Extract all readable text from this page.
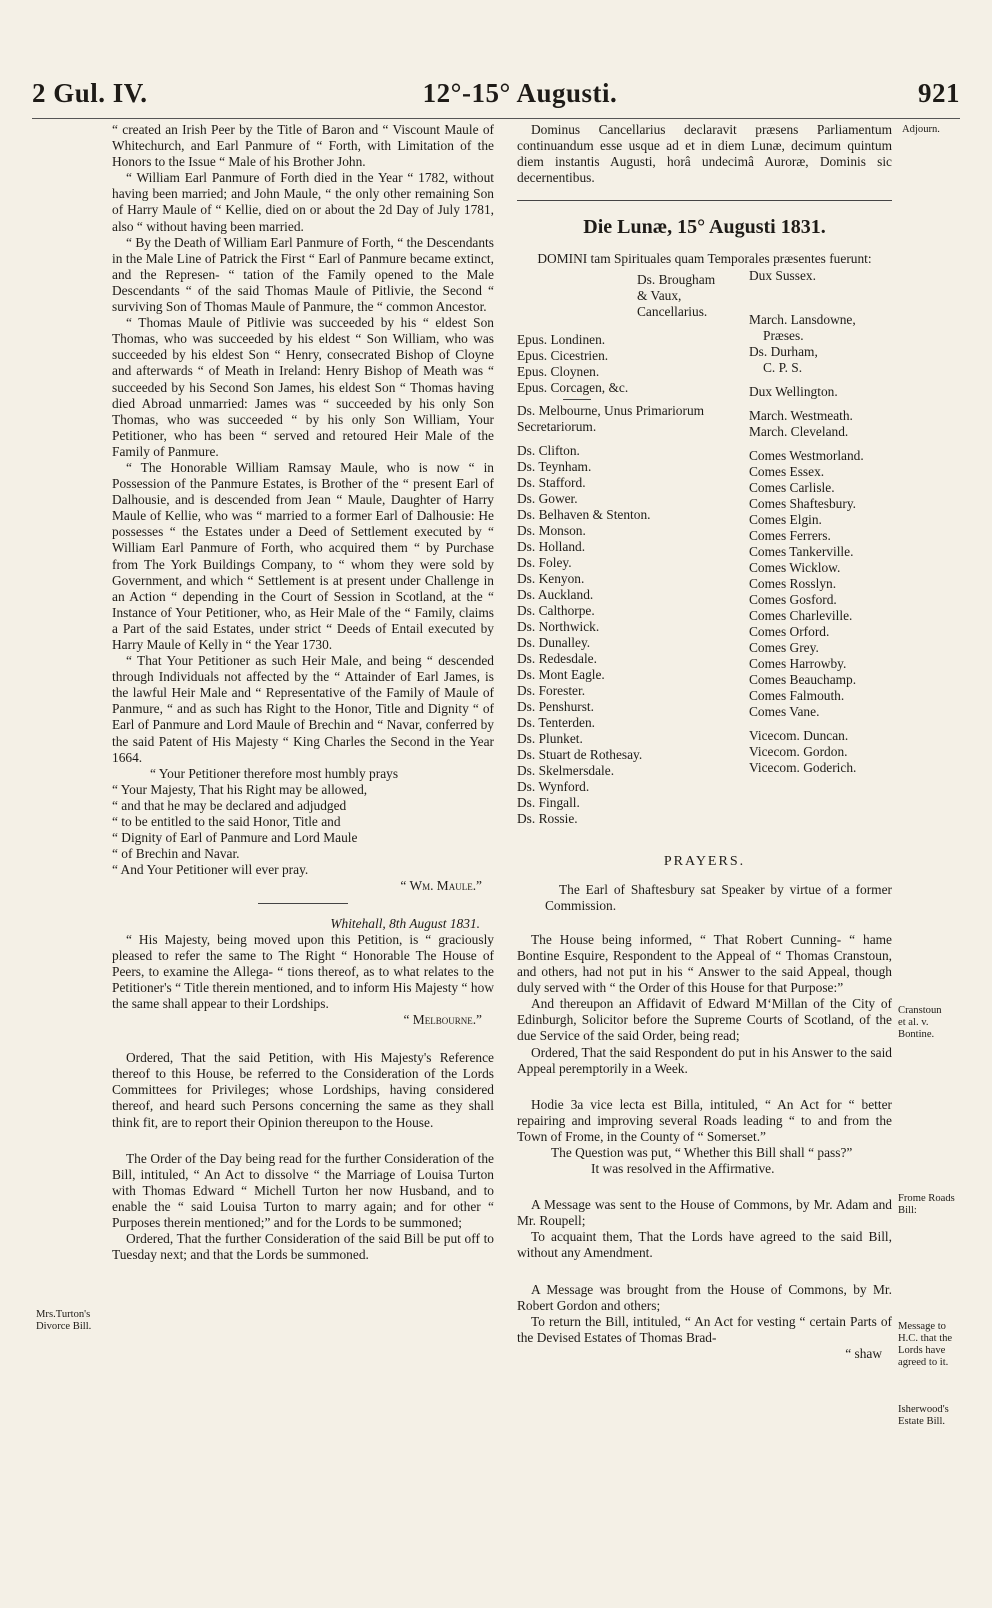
2 Gul. IV.	12°-15° Augusti.	921
Adjourn.
Cranstoun
et al. v.
Bontine.
Frome Roads
Bill:
Message to
H.C. that the
Lords have
agreed to it.
Isherwood's
Estate Bill.
Mrs.Turton's
Divorce Bill.

“ created an Irish Peer by the Title of Baron and “ Viscount Maule of Whitechurch, and Earl Panmure of “ Forth, with Limitation of the Honors to the Issue “ Male of his Brother John.

“ William Earl Panmure of Forth died in the Year “ 1782, without having been married; and John Maule, “ the only other remaining Son of Harry Maule of “ Kellie, died on or about the 2d Day of July 1781, also “ without having been married.

“ By the Death of William Earl Panmure of Forth, “ the Descendants in the Male Line of Patrick the First “ Earl of Panmure became extinct, and the Represen- “ tation of the Family opened to the Male Descendants “ of the said Thomas Maule of Pitlivie, the Second “ surviving Son of Thomas Maule of Panmure, the “ common Ancestor.

“ Thomas Maule of Pitlivie was succeeded by his “ eldest Son Thomas, who was succeeded by his eldest “ Son William, who was succeeded by his eldest Son “ Henry, consecrated Bishop of Cloyne and afterwards “ of Meath in Ireland: Henry Bishop of Meath was “ succeeded by his Second Son James, his eldest Son “ Thomas having died Abroad unmarried: James was “ succeeded by his only Son Thomas, who was succeeded “ by his only Son William, Your Petitioner, who has been “ served and retoured Heir Male of the Family of Panmure.

“ The Honorable William Ramsay Maule, who is now “ in Possession of the Panmure Estates, is Brother of the “ present Earl of Dalhousie, and is descended from Jean “ Maule, Daughter of Harry Maule of Kellie, who was “ married to a former Earl of Dalhousie: He possesses “ the Estates under a Deed of Settlement executed by “ William Earl Panmure of Forth, who acquired them “ by Purchase from The York Buildings Company, to “ whom they were sold by Government, and which “ Settlement is at present under Challenge in an Action “ depending in the Court of Session in Scotland, at the “ Instance of Your Petitioner, who, as Heir Male of the “ Family, claims a Part of the said Estates, under strict “ Deeds of Entail executed by Harry Maule of Kelly in “ the Year 1730.

“ That Your Petitioner as such Heir Male, and being “ descended through Individuals not affected by the “ Attainder of Earl James, is the lawful Heir Male and “ Representative of the Family of Maule of Panmure, “ and as such has Right to the Honor, Title and Dignity “ of Earl of Panmure and Lord Maule of Brechin and “ Navar, conferred by the said Patent of His Majesty “ King Charles the Second in the Year 1664.

“ Your Petitioner therefore most humbly prays

“ Your Majesty, That his Right may be allowed,

“ and that he may be declared and adjudged

“ to be entitled to the said Honor, Title and

“ Dignity of Earl of Panmure and Lord Maule

“ of Brechin and Navar.

“ And Your Petitioner will ever pray.

“ Wm. Maule.”

Whitehall, 8th August 1831.

“ His Majesty, being moved upon this Petition, is “ graciously pleased to refer the same to The Right “ Honorable The House of Peers, to examine the Allega- “ tions thereof, as to what relates to the Petitioner's “ Title therein mentioned, and to inform His Majesty “ how the same shall appear to their Lordships.

“ Melbourne.”

Ordered, That the said Petition, with His Majesty's Reference thereof to this House, be referred to the Consideration of the Lords Committees for Privileges; whose Lordships, having considered thereof, and heard such Persons concerning the same as they shall think fit, are to report their Opinion thereupon to the House.

The Order of the Day being read for the further Consideration of the Bill, intituled, “ An Act to dissolve “ the Marriage of Louisa Turton with Thomas Edward “ Michell Turton her now Husband, and to enable the “ said Louisa Turton to marry again; and for other “ Purposes therein mentioned;” and for the Lords to be summoned;

Ordered, That the further Consideration of the said Bill be put off to Tuesday next; and that the Lords be summoned.

Dominus Cancellarius declaravit præsens Parliamentum continuandum esse usque ad et in diem Lunæ, decimum quintum diem instantis Augusti, horâ undecimâ Auroræ, Dominis sic decernentibus.

Die Lunæ, 15° Augusti 1831.

DOMINI tam Spirituales quam Temporales præsentes fuerunt:

Ds. Brougham

& Vaux,

Cancellarius.

Epus. Londinen.

Epus. Cicestrien.

Epus. Cloynen.

Epus. Corcagen, &c.

Ds. Melbourne, Unus Primariorum Secretariorum.

Ds. Clifton.

Ds. Teynham.

Ds. Stafford.

Ds. Gower.

Ds. Belhaven & Stenton.

Ds. Monson.

Ds. Holland.

Ds. Foley.

Ds. Kenyon.

Ds. Auckland.

Ds. Calthorpe.

Ds. Northwick.

Ds. Dunalley.

Ds. Redesdale.

Ds. Mont Eagle.

Ds. Forester.

Ds. Penshurst.

Ds. Tenterden.

Ds. Plunket.

Ds. Stuart de Rothesay.

Ds. Skelmersdale.

Ds. Wynford.

Ds. Fingall.

Ds. Rossie.

Dux Sussex.

March. Lansdowne,

Præses.

Ds. Durham,

C. P. S.

Dux Wellington.

March. Westmeath.

March. Cleveland.

Comes Westmorland.

Comes Essex.

Comes Carlisle.

Comes Shaftesbury.

Comes Elgin.

Comes Ferrers.

Comes Tankerville.

Comes Wicklow.

Comes Rosslyn.

Comes Gosford.

Comes Charleville.

Comes Orford.

Comes Grey.

Comes Harrowby.

Comes Beauchamp.

Comes Falmouth.

Comes Vane.

Vicecom. Duncan.

Vicecom. Gordon.

Vicecom. Goderich.

PRAYERS.

The Earl of Shaftesbury sat Speaker by virtue of a former Commission.

The House being informed, “ That Robert Cunning- “ hame Bontine Esquire, Respondent to the Appeal of “ Thomas Cranstoun, and others, had not put in his “ Answer to the said Appeal, though duly served with “ the Order of this House for that Purpose:”

And thereupon an Affidavit of Edward M‘Millan of the City of Edinburgh, Solicitor before the Supreme Courts of Scotland, of the due Service of the said Order, being read;

Ordered, That the said Respondent do put in his Answer to the said Appeal peremptorily in a Week.

Hodie 3a vice lecta est Billa, intituled, “ An Act for “ better repairing and improving several Roads leading “ to and from the Town of Frome, in the County of “ Somerset.”

The Question was put, “ Whether this Bill shall “ pass?”

It was resolved in the Affirmative.

A Message was sent to the House of Commons, by Mr. Adam and Mr. Roupell;

To acquaint them, That the Lords have agreed to the said Bill, without any Amendment.

A Message was brought from the House of Commons, by Mr. Robert Gordon and others;

To return the Bill, intituled, “ An Act for vesting “ certain Parts of the Devised Estates of Thomas Brad-

“ shaw
